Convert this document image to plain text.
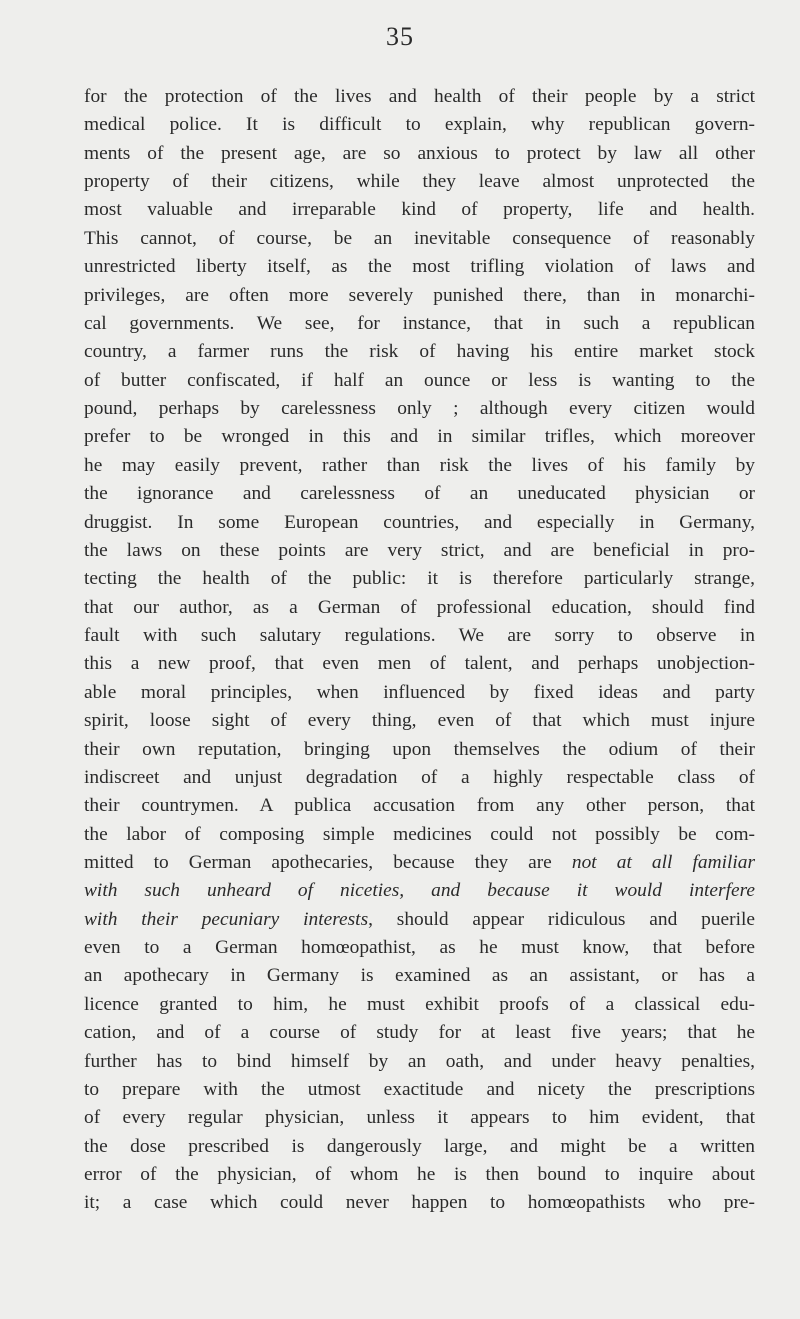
35
for the protection of the lives and health of their people by a strict
medical police. It is difficult to explain, why republican govern-
ments of the present age, are so anxious to protect by law all other
property of their citizens, while they leave almost unprotected the
most valuable and irreparable kind of property, life and health.
This cannot, of course, be an inevitable consequence of reasonably
unrestricted liberty itself, as the most trifling violation of laws and
privileges, are often more severely punished there, than in monarchi-
cal governments. We see, for instance, that in such a republican
country, a farmer runs the risk of having his entire market stock
of butter confiscated, if half an ounce or less is wanting to the
pound, perhaps by carelessness only ; although every citizen would
prefer to be wronged in this and in similar trifles, which moreover
he may easily prevent, rather than risk the lives of his family by
the ignorance and carelessness of an uneducated physician or
druggist. In some European countries, and especially in Germany,
the laws on these points are very strict, and are beneficial in pro-
tecting the health of the public: it is therefore particularly strange,
that our author, as a German of professional education, should find
fault with such salutary regulations. We are sorry to observe in
this a new proof, that even men of talent, and perhaps unobjection-
able moral principles, when influenced by fixed ideas and party
spirit, loose sight of every thing, even of that which must injure
their own reputation, bringing upon themselves the odium of their
indiscreet and unjust degradation of a highly respectable class of
their countrymen. A publica accusation from any other person, that
the labor of composing simple medicines could not possibly be com-
mitted to German apothecaries, because they are not at all familiar
with such unheard of niceties, and because it would interfere
with their pecuniary interests, should appear ridiculous and puerile
even to a German homœopathist, as he must know, that before
an apothecary in Germany is examined as an assistant, or has a
licence granted to him, he must exhibit proofs of a classical edu-
cation, and of a course of study for at least five years; that he
further has to bind himself by an oath, and under heavy penalties,
to prepare with the utmost exactitude and nicety the prescriptions
of every regular physician, unless it appears to him evident, that
the dose prescribed is dangerously large, and might be a written
error of the physician, of whom he is then bound to inquire about
it; a case which could never happen to homœopathists who pre-
